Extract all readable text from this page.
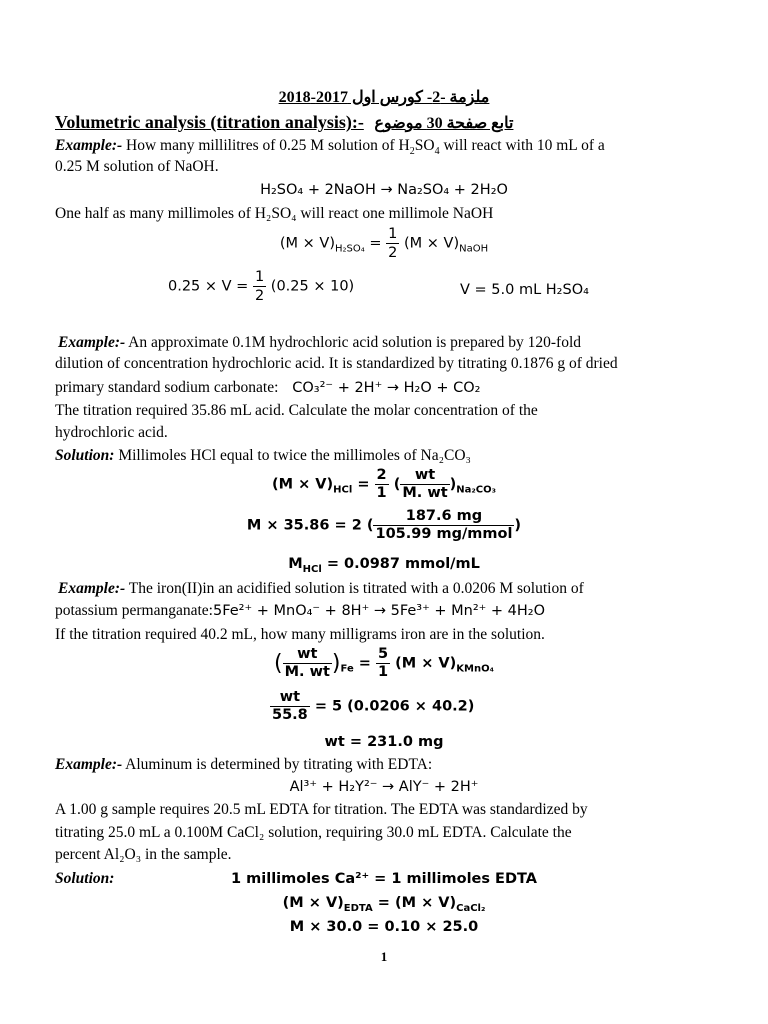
ملزمة -2- كورس اول 2017-2018
Volumetric analysis (titration analysis):- تابع صفحة 30 موضوع
Example:- How many millilitres of 0.25 M solution of $H_2SO_4$ will react with 10 mL of a
0.25 M solution of NaOH.
H₂SO₄ + 2NaOH → Na₂SO₄ + 2H₂O
One half as many millimoles of H₂SO₄ will react one millimole NaOH
$(M \times V)_{H_2SO_4} = \frac{1}{2} (M \times V)_{NaOH}$
$0.25 \times V = \frac{1}{2} (0.25 \times 10)$	V = 5.0 mL H₂SO₄
Example:- An approximate 0.1M hydrochloric acid solution is prepared by 120-fold
dilution of concentration hydrochloric acid. It is standardized by titrating 0.1876 g of dried
primary standard sodium carbonate: CO₃²⁻ + 2H⁺ → H₂O + CO₂
The titration required 35.86 mL acid. Calculate the molar concentration of the
hydrochloric acid.
Solution: Millimoles HCl equal to twice the millimoles of Na₂CO₃
$(M \times V)_{HCl} = \frac{2}{1}$ ( $\frac{wt}{M. wt} )_{Na_2CO_3}$
M × 35.86 = 2 ( $\frac{187.6 mg}{\text{105.99 mg/mmol}}$ )
$M_{HCl} = 0.0987$ mmol/mL
Example:- The iron(II)in an acidified solution is titrated with a 0.0206 M solution of
potassium permanganate:5Fe²⁺ + MnO₄⁻ + 8H⁺ → 5Fe³⁺ + Mn²⁺ + 4H₂O
If the titration required 40.2 mL, how many milligrams iron are in the solution.
( $\frac{wt}{M. wt} )_{Fe} = \frac{5}{1} (M \times V)_{KMnO_4}$
$\frac{wt}{55.8} = 5$ (0.0206 × 40.2)
wt = 231.0 mg
Example:- Aluminum is determined by titrating with EDTA:
Al³⁺ + H₂Y²⁻ → AlY⁻ + 2H⁺
A 1.00 g sample requires 20.5 mL EDTA for titration. The EDTA was standardized by
titrating 25.0 mL a 0.100M CaCl₂ solution, requiring 30.0 mL EDTA. Calculate the
percent Al₂O₃ in the sample.
Solution:	1 millimoles Ca²⁺ = 1 millimoles EDTA
$(M \times V)_{EDTA} = (M \times V)_{CaCl_2}$
M × 30.0 = 0.10 × 25.0
1
